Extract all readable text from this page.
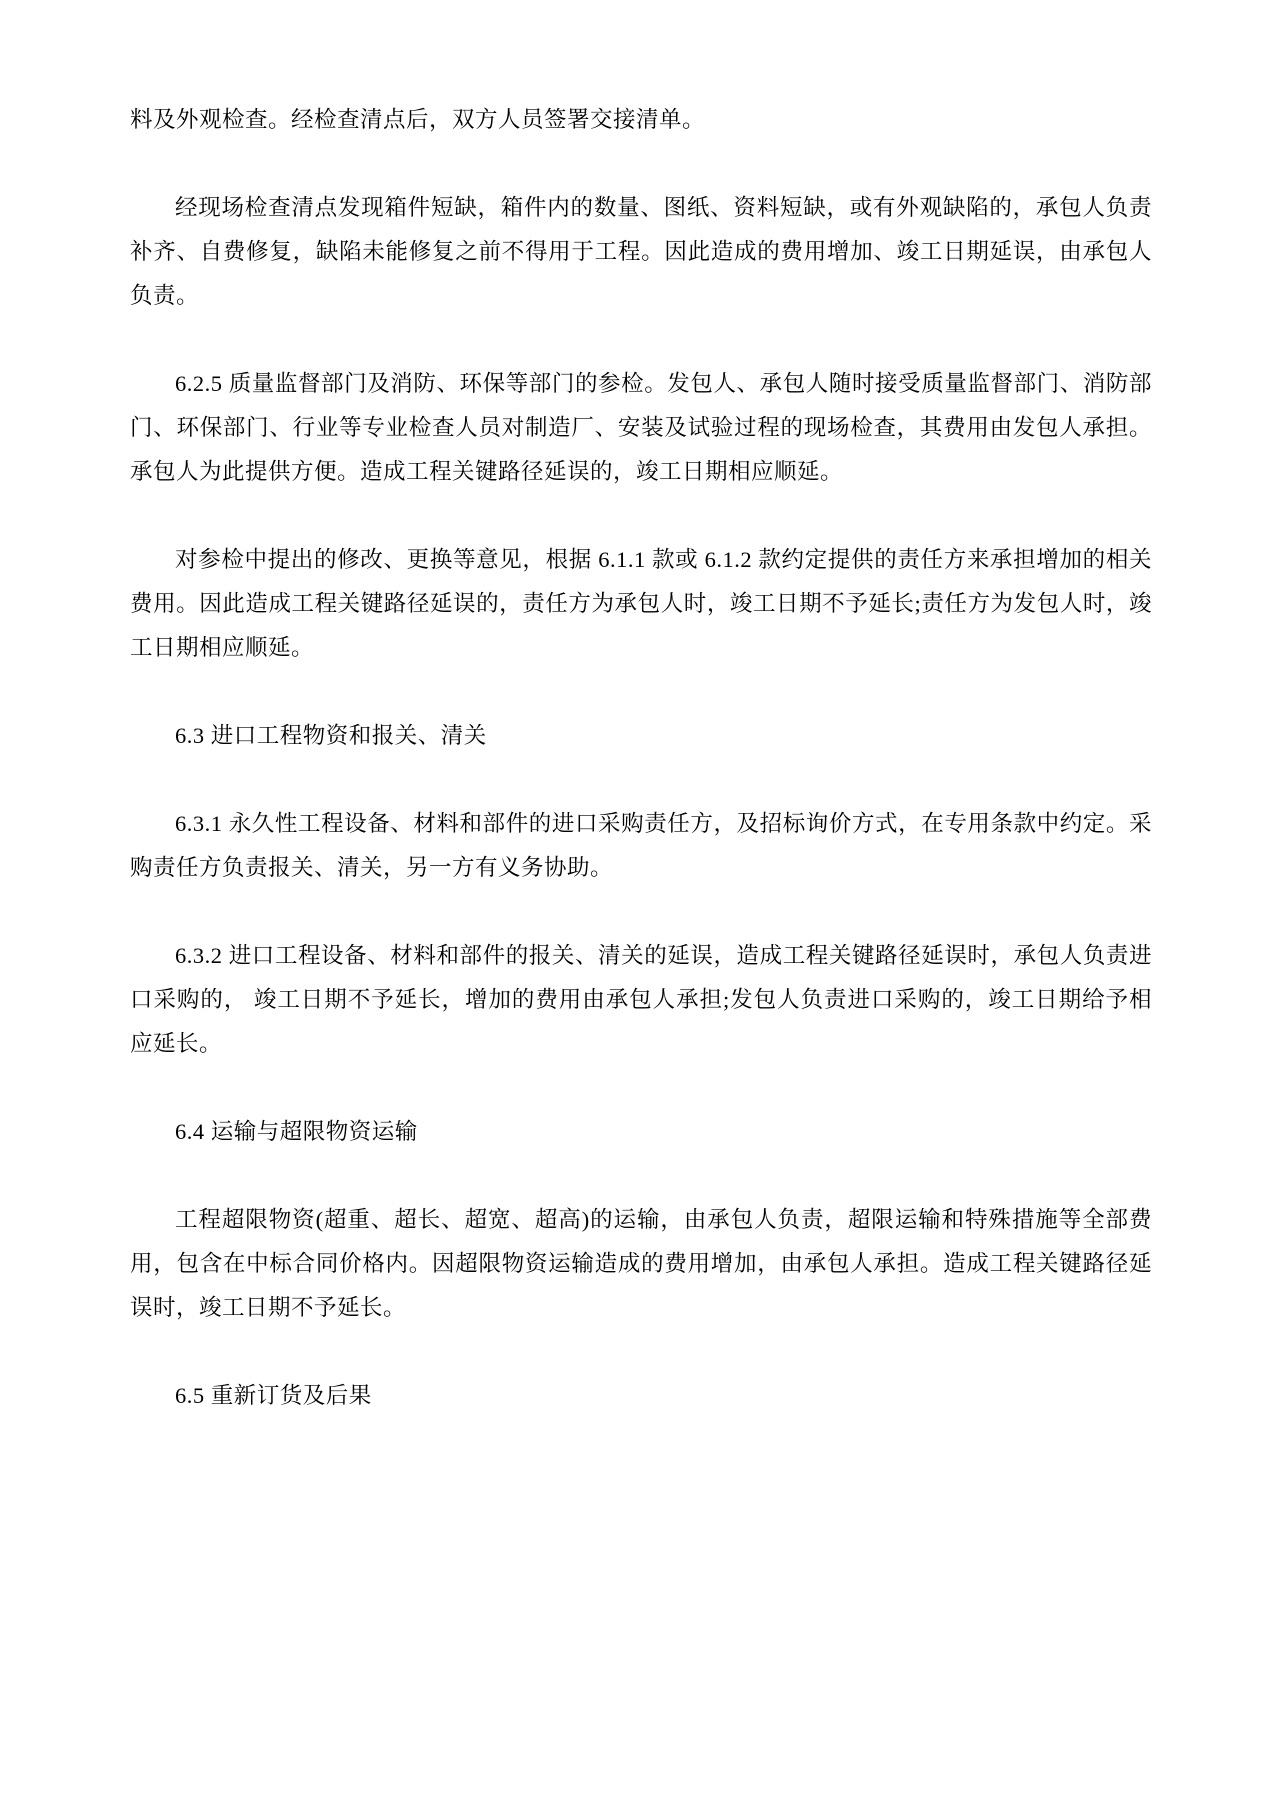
料及外观检查。经检查清点后，双方人员签署交接清单。

经现场检查清点发现箱件短缺，箱件内的数量、图纸、资料短缺，或有外观缺陷的，承包人负责补齐、自费修复，缺陷未能修复之前不得用于工程。因此造成的费用增加、竣工日期延误，由承包人负责。

6.2.5 质量监督部门及消防、环保等部门的参检。发包人、承包人随时接受质量监督部门、消防部门、环保部门、行业等专业检查人员对制造厂、安装及试验过程的现场检查，其费用由发包人承担。承包人为此提供方便。造成工程关键路径延误的，竣工日期相应顺延。

对参检中提出的修改、更换等意见，根据 6.1.1 款或 6.1.2 款约定提供的责任方来承担增加的相关费用。因此造成工程关键路径延误的，责任方为承包人时，竣工日期不予延长;责任方为发包人时，竣工日期相应顺延。

6.3 进口工程物资和报关、清关

6.3.1 永久性工程设备、材料和部件的进口采购责任方，及招标询价方式，在专用条款中约定。采购责任方负责报关、清关，另一方有义务协助。

6.3.2 进口工程设备、材料和部件的报关、清关的延误，造成工程关键路径延误时，承包人负责进口采购的， 竣工日期不予延长，增加的费用由承包人承担;发包人负责进口采购的，竣工日期给予相应延长。

6.4 运输与超限物资运输

工程超限物资(超重、超长、超宽、超高)的运输，由承包人负责，超限运输和特殊措施等全部费用，包含在中标合同价格内。因超限物资运输造成的费用增加，由承包人承担。造成工程关键路径延误时，竣工日期不予延长。

6.5 重新订货及后果
